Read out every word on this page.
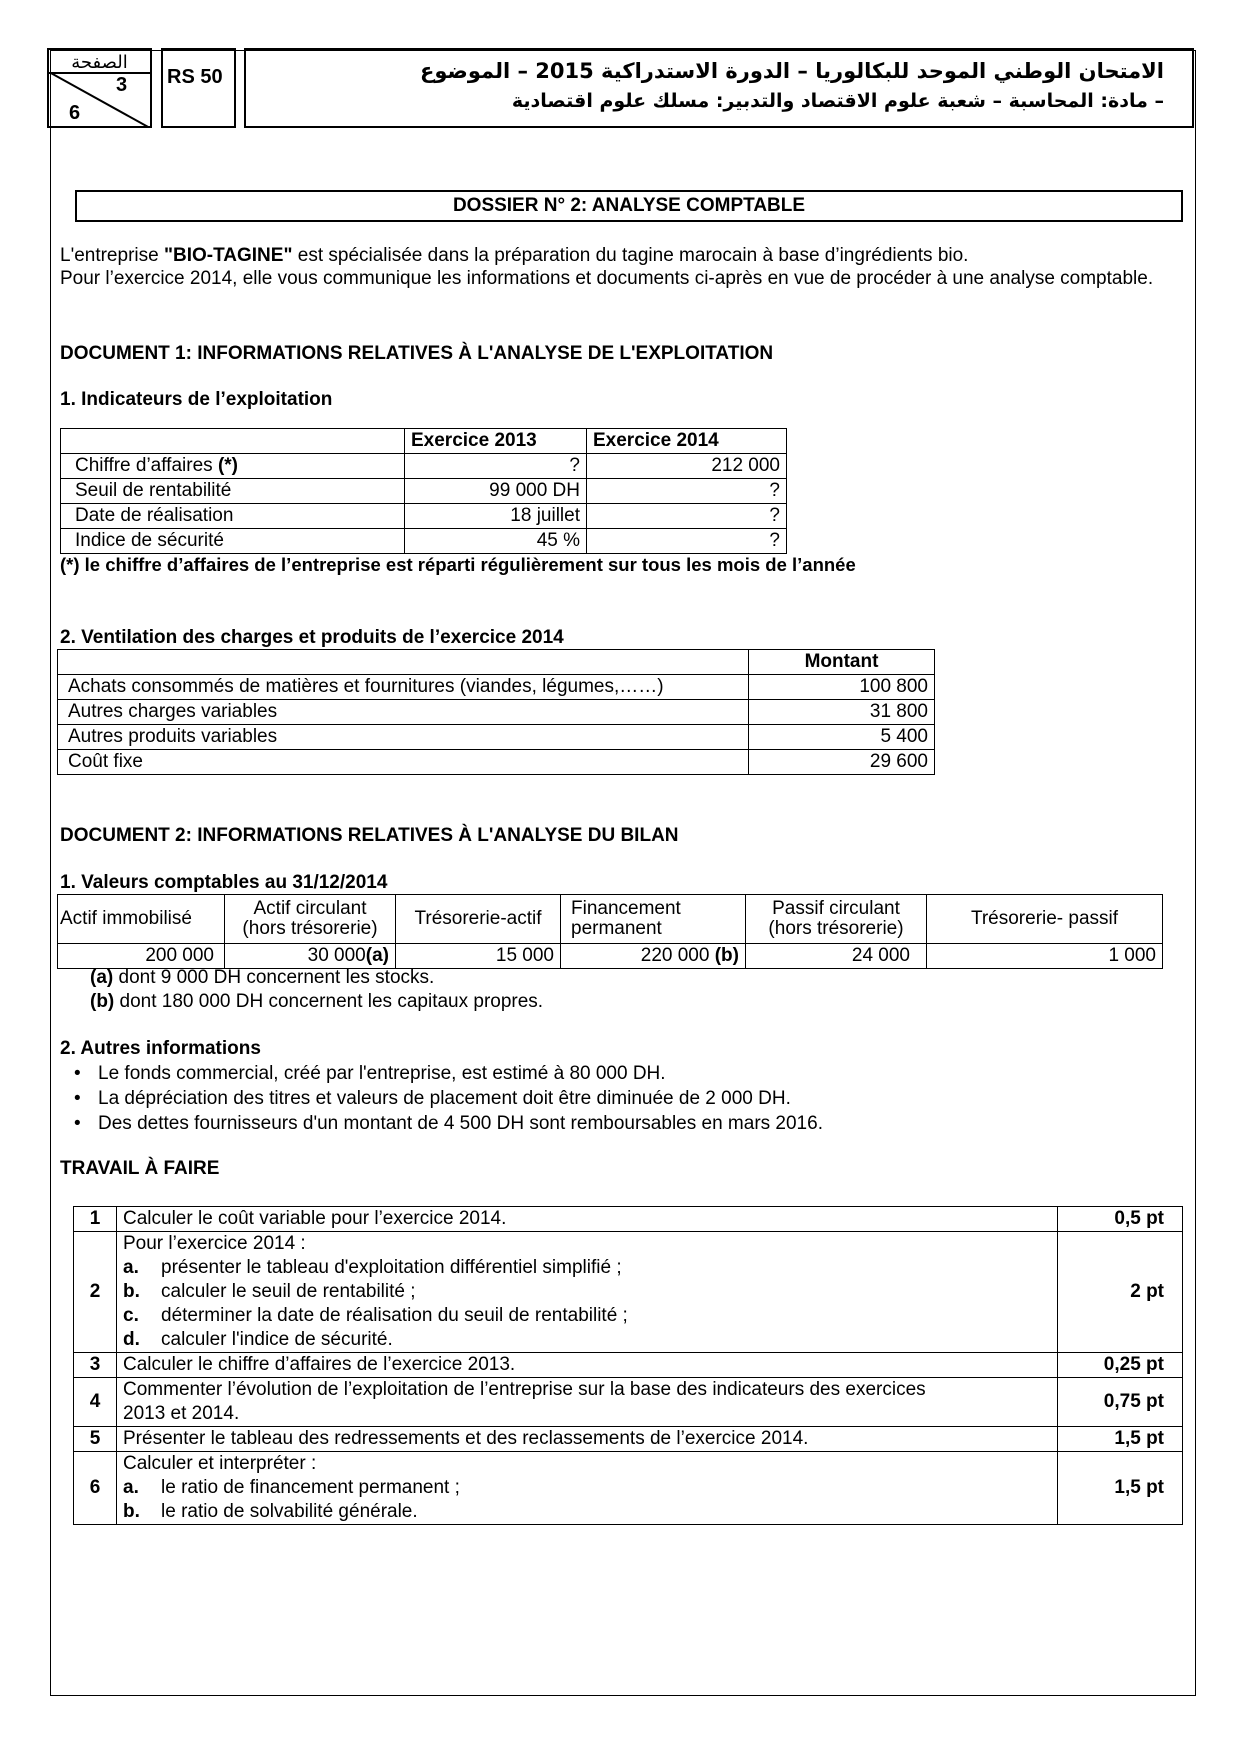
الصفحة
3
6
RS 50	الامتحان الوطني الموحد للبكالوريا – الدورة الاستدراكية 2015 – الموضوع
– مادة: المحاسبة – شعبة علوم الاقتصاد والتدبير: مسلك علوم اقتصادية
DOSSIER N° 2: ANALYSE COMPTABLE
L'entreprise "BIO-TAGINE" est spécialisée dans la préparation du tagine marocain à base d’ingrédients bio.
Pour l’exercice 2014, elle vous communique les informations et documents ci-après en vue de procéder à une analyse comptable.
DOCUMENT 1: INFORMATIONS RELATIVES À L'ANALYSE DE L'EXPLOITATION
1. Indicateurs de l’exploitation
	Exercice 2013	Exercice 2014
Chiffre d’affaires (*)	?	212 000
Seuil de rentabilité	99 000 DH	?
Date de réalisation	18 juillet	?
Indice de sécurité	45 %	?
(*) le chiffre d’affaires de l’entreprise est réparti régulièrement sur tous les mois de l’année
2. Ventilation des charges et produits de l’exercice 2014
	Montant
Achats consommés de matières et fournitures (viandes, légumes,……)	100 800
Autres charges variables	31 800
Autres produits variables	5 400
Coût fixe	29 600
DOCUMENT 2: INFORMATIONS RELATIVES À L'ANALYSE DU BILAN
1. Valeurs comptables au 31/12/2014
Actif immobilisé	Actif circulant (hors trésorerie)	Trésorerie-actif	Financement permanent	Passif circulant (hors trésorerie)	Trésorerie- passif
200 000	30 000(a)	15 000	220 000 (b)	24 000	1 000
(a) dont 9 000 DH concernent les stocks.
(b) dont 180 000 DH concernent les capitaux propres.
2. Autres informations
• Le fonds commercial, créé par l'entreprise, est estimé à 80 000 DH.
• La dépréciation des titres et valeurs de placement doit être diminuée de 2 000 DH.
• Des dettes fournisseurs d'un montant de 4 500 DH sont remboursables en mars 2016.
TRAVAIL À FAIRE
1	Calculer le coût variable pour l’exercice 2014.	0,5 pt
2	Pour l’exercice 2014 :
a. présenter le tableau d'exploitation différentiel simplifié ;
b. calculer le seuil de rentabilité ;
c. déterminer la date de réalisation du seuil de rentabilité ;
d. calculer l'indice de sécurité.	2 pt
3	Calculer le chiffre d’affaires de l’exercice 2013.	0,25 pt
4	Commenter l’évolution de l’exploitation de l’entreprise sur la base des indicateurs des exercices
2013 et 2014.	0,75 pt
5	Présenter le tableau des redressements et des reclassements de l’exercice 2014.	1,5 pt
6	Calculer et interpréter :
a. le ratio de financement permanent ;
b. le ratio de solvabilité générale.	1,5 pt
